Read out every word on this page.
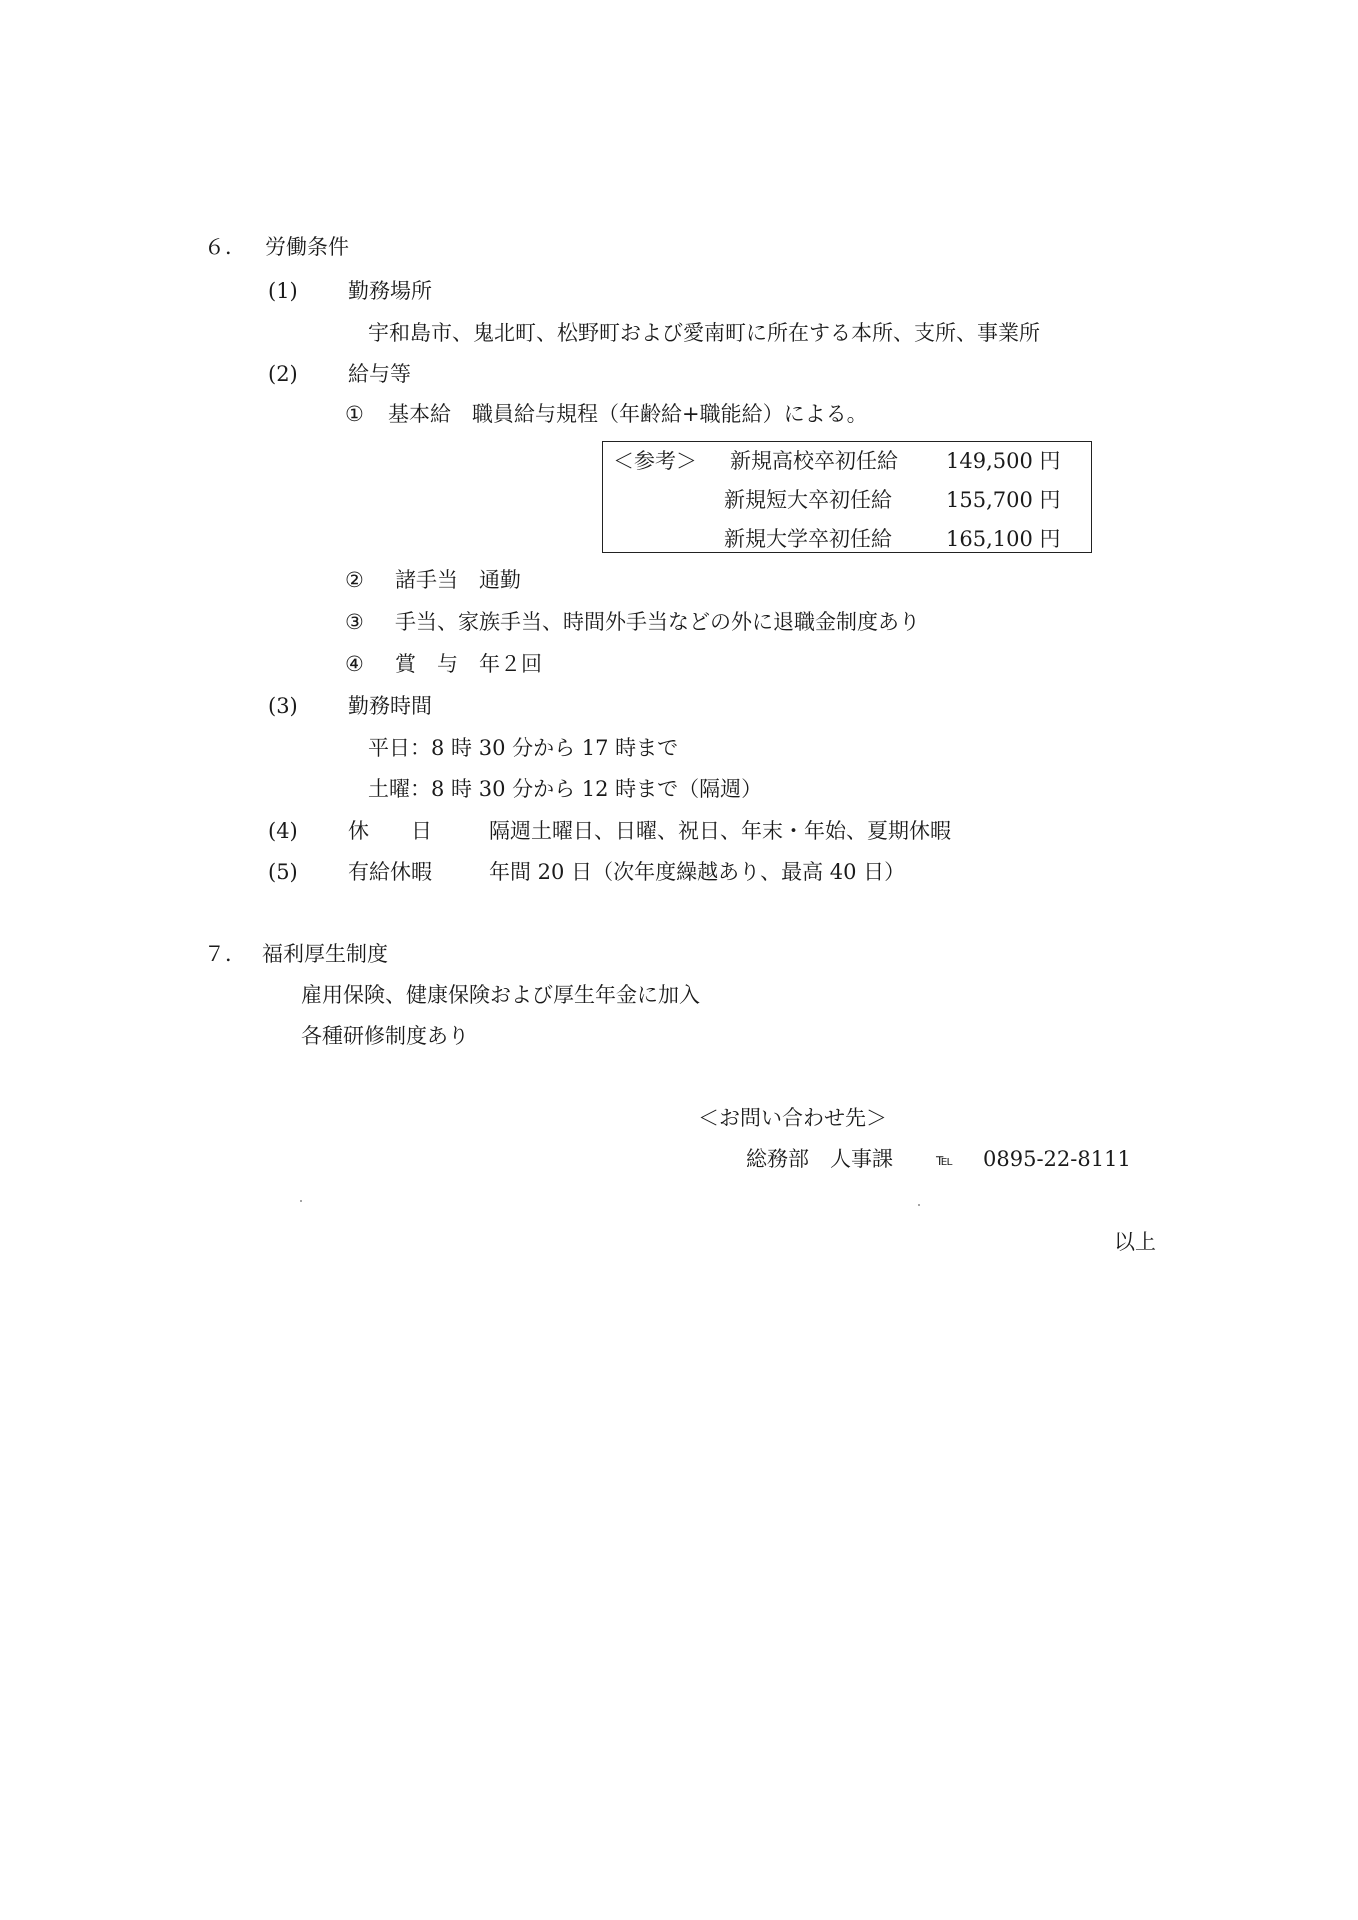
６． 労働条件
(1) 勤務場所
宇和島市、鬼北町、松野町および愛南町に所在する本所、支所、事業所
(2) 給与等
① 基本給　職員給与規程（年齢給+職能給）による。
＜参考＞ 新規高校卒初任給 149,500 円
新規短大卒初任給	155,700 円
新規大学卒初任給	165,100 円
② 諸手当　通勤
③ 手当、家族手当、時間外手当などの外に退職金制度あり
④ 賞　与　年２回
(3) 勤務時間
平日：8 時 30 分から 17 時まで
土曜：8 時 30 分から 12 時まで（隔週）
(4) 休　　日	隔週土曜日、日曜、祝日、年末・年始、夏期休暇
(5) 有給休暇	年間 20 日（次年度繰越あり、最高 40 日）
７． 福利厚生制度
雇用保険、健康保険および厚生年金に加入
各種研修制度あり
＜お問い合わせ先＞
総務部　人事課	℡ 0895-22-8111
以上
